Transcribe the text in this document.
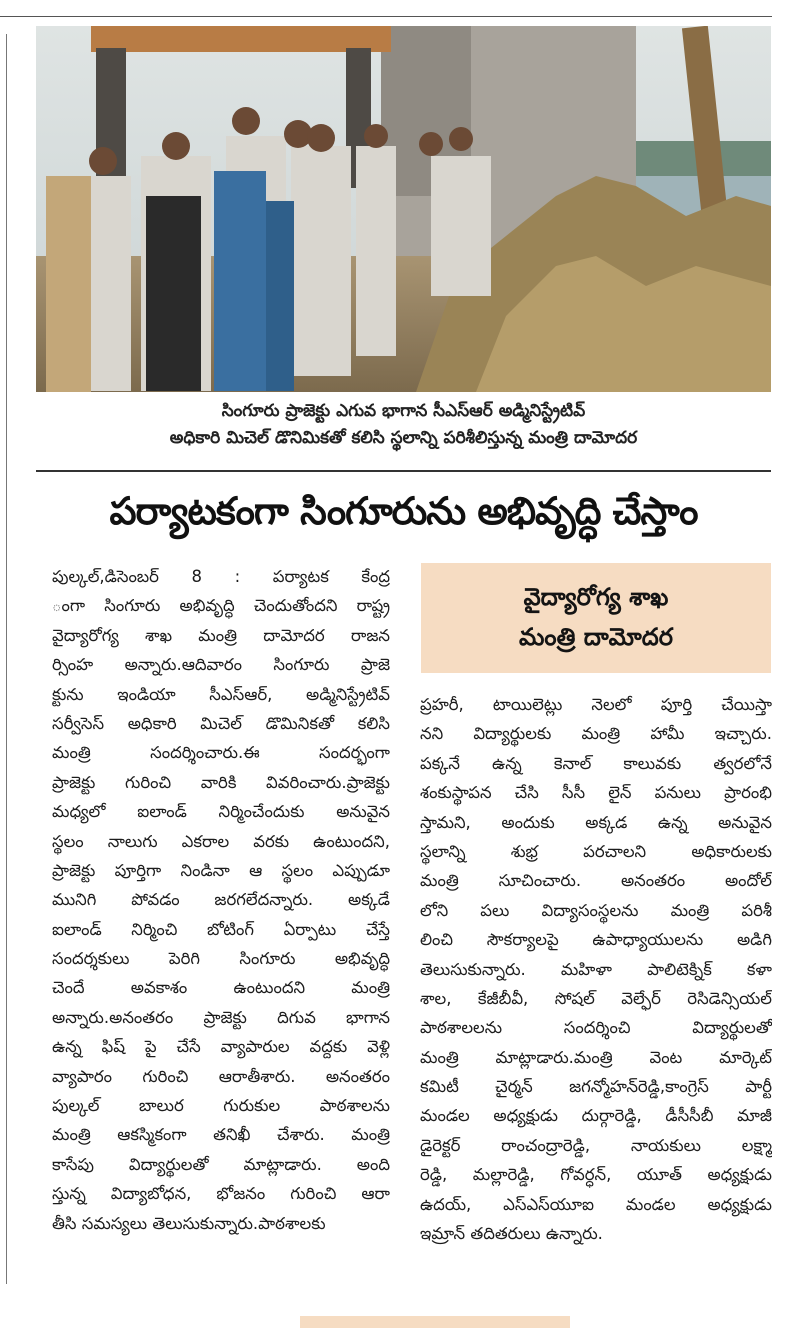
సింగూరు ప్రాజెక్టు ఎగువ భాగాన సీఎస్ఆర్ అడ్మినిస్ట్రేటివ్
అధికారి మిచెల్ డొనిమికతో కలిసి స్థలాన్ని పరిశీలిస్తున్న మంత్రి దామోదర
పర్యాటకంగా సింగూరును అభివృద్ధి చేస్తాం
పుల్కల్,డిసెంబర్ 8 : పర్యాటక కేంద్ర
ంగా సింగూరు అభివృద్ధి చెందుతోందని రాష్ట్ర
వైద్యారోగ్య శాఖ మంత్రి దామోదర రాజన
ర్సింహ అన్నారు.ఆదివారం సింగూరు ప్రాజె
క్టును ఇండియా సీఎస్ఆర్, అడ్మినిస్ట్రేటివ్
సర్వీసెస్ అధికారి మిచెల్ డొమినికతో కలిసి
మంత్రి సందర్శించారు.ఈ సందర్భంగా
ప్రాజెక్టు గురించి వారికి వివరించారు.ప్రాజెక్టు
మధ్యలో ఐలాండ్ నిర్మించేందుకు అనువైన
స్థలం నాలుగు ఎకరాల వరకు ఉంటుందని,
ప్రాజెక్టు పూర్తిగా నిండినా ఆ స్థలం ఎప్పుడూ
మునిగి పోవడం జరగలేదన్నారు. అక్కడే
ఐలాండ్ నిర్మించి బోటింగ్ ఏర్పాటు చేస్తే
సందర్శకులు పెరిగి సింగూరు అభివృద్ధి
చెందే అవకాశం ఉంటుందని మంత్రి
అన్నారు.అనంతరం ప్రాజెక్టు దిగువ భాగాన
ఉన్న ఫిష్ పై చేసే వ్యాపారుల వద్దకు వెళ్లి
వ్యాపారం గురించి ఆరాతీశారు. అనంతరం
పుల్కల్ బాలుర గురుకుల పాఠశాలను
మంత్రి ఆకస్మికంగా తనిఖీ చేశారు. మంత్రి
కాసేపు విద్యార్థులతో మాట్లాడారు. అంది
స్తున్న విద్యాబోధన, భోజనం గురించి ఆరా
తీసి సమస్యలు తెలుసుకున్నారు.పాఠశాలకు
వైద్యారోగ్య శాఖ
మంత్రి దామోదర
ప్రహరీ, టాయిలెట్లు నెలలో పూర్తి చేయిస్తా
నని విద్యార్థులకు మంత్రి హామీ ఇచ్చారు.
పక్కనే ఉన్న కెనాల్ కాలువకు త్వరలోనే
శంకుస్థాపన చేసి సీసీ లైన్ పనులు ప్రారంభి
స్తామని, అందుకు అక్కడ ఉన్న అనువైన
స్థలాన్ని శుభ్ర పరచాలని అధికారులకు
మంత్రి సూచించారు. అనంతరం అందోల్
లోని పలు విద్యాసంస్థలను మంత్రి పరిశీ
లించి సౌకర్యాలపై ఉపాధ్యాయులను అడిగి
తెలుసుకున్నారు. మహిళా పాలిటెక్నిక్ కళా
శాల, కేజీబీవీ, సోషల్ వెల్ఫేర్ రెసిడెన్సియల్
పాఠశాలలను సందర్శించి విద్యార్థులతో
మంత్రి మాట్లాడారు.మంత్రి వెంట మార్కెట్
కమిటీ చైర్మన్ జగన్మోహన్‌రెడ్డి,కాంగ్రెస్ పార్టీ
మండల అధ్యక్షుడు దుర్గారెడ్డి, డీసీసీబీ మాజీ
డైరెక్టర్ రాంచంద్రారెడ్డి, నాయకులు లక్ష్మా
రెడ్డి, మల్లారెడ్డి, గోవర్ధన్, యూత్ అధ్యక్షుడు
ఉదయ్, ఎస్ఎస్‌యూఐ మండల అధ్యక్షుడు
ఇమ్రాన్ తదితరులు ఉన్నారు.
